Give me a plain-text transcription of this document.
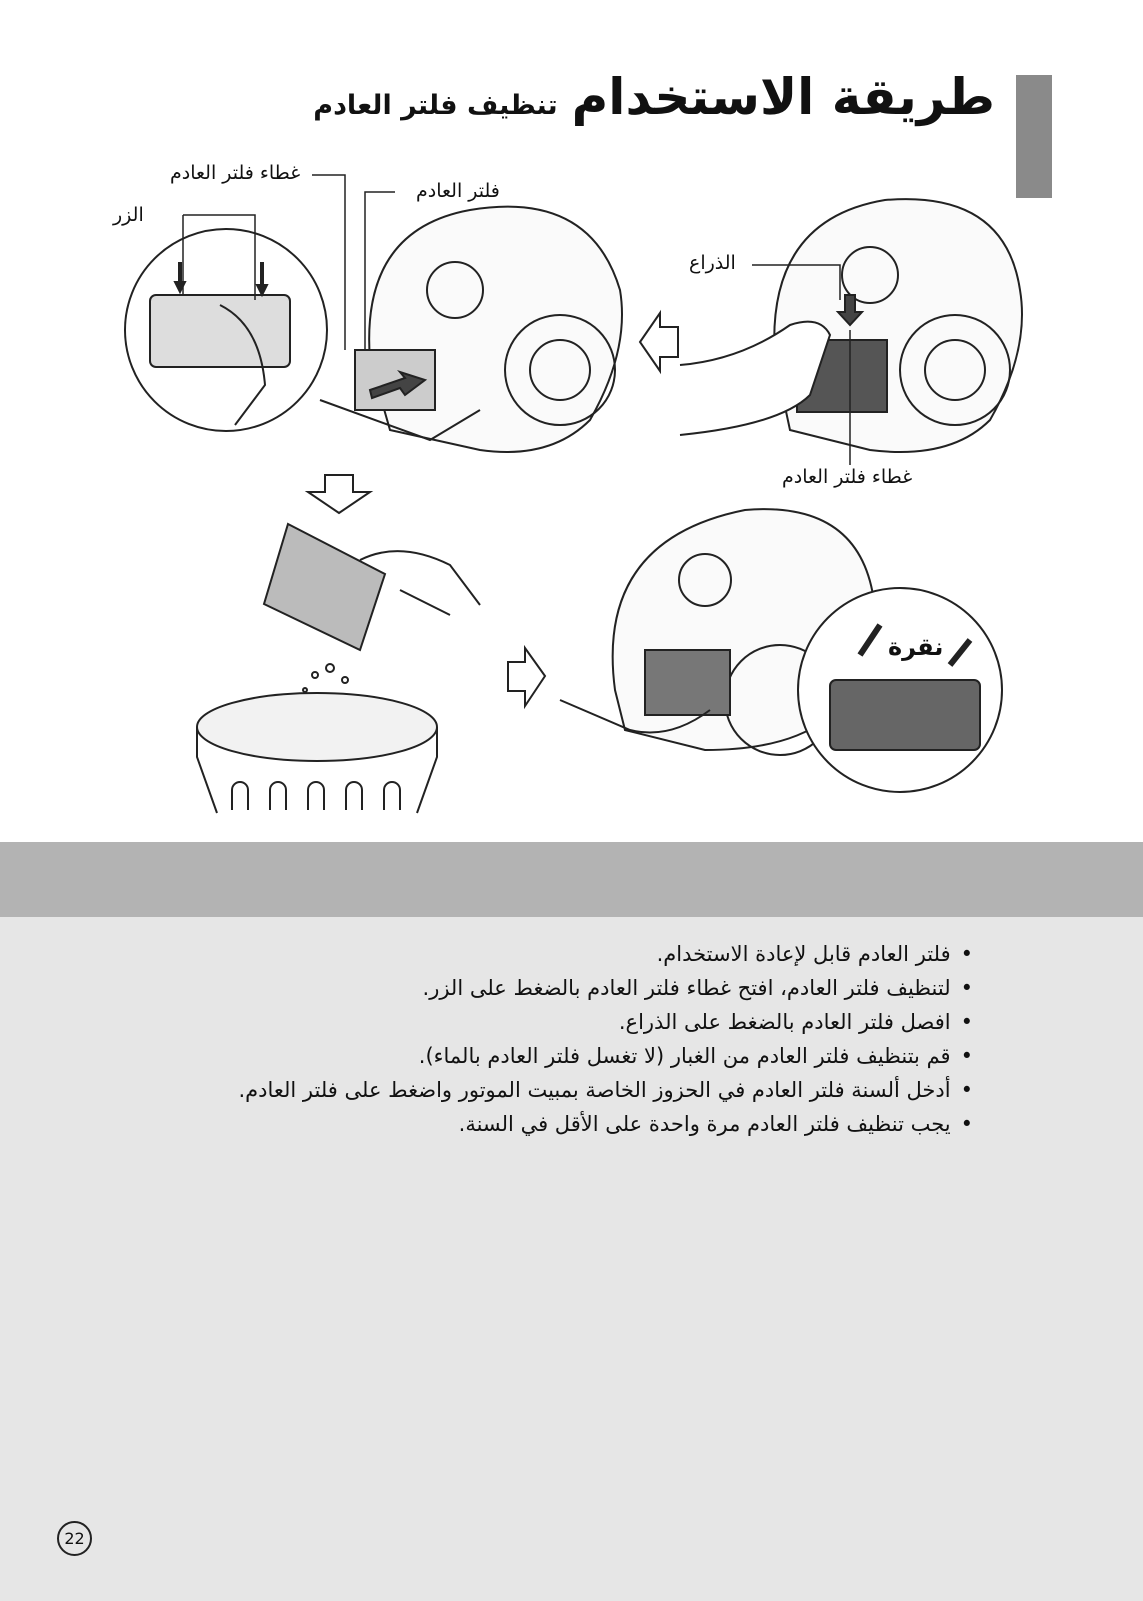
طريقة الاستخدام
تنظيف فلتر العادم
غطاء فلتر العادم
الزر
فلتر العادم
الذراع
غطاء فلتر العادم
نقرة
•فلتر العادم قابل لإعادة الاستخدام.
•لتنظيف فلتر العادم، افتح غطاء فلتر العادم بالضغط على الزر.
•افصل فلتر العادم بالضغط على الذراع.
•قم بتنظيف فلتر العادم من الغبار (لا تغسل فلتر العادم بالماء).
•أدخل ألسنة فلتر العادم في الحزوز الخاصة بمبيت الموتور واضغط على فلتر العادم.
•يجب تنظيف فلتر العادم مرة واحدة على الأقل في السنة.
22
